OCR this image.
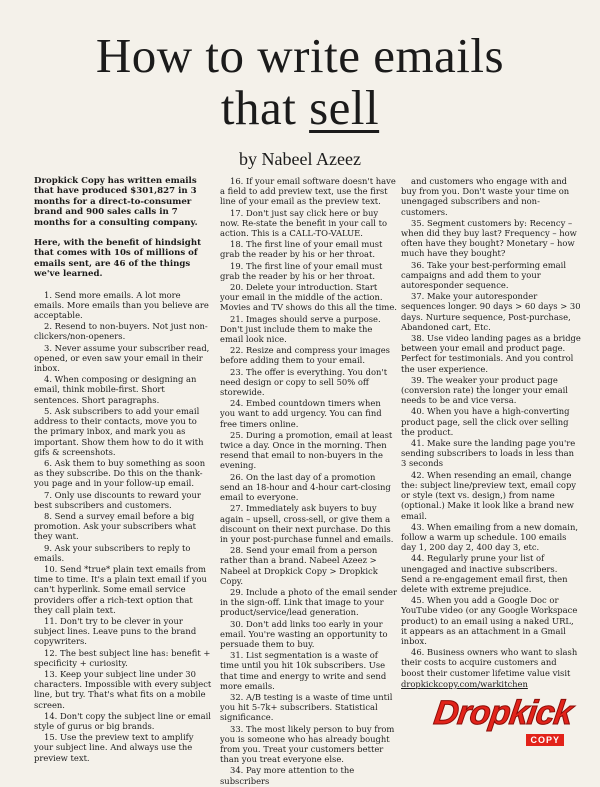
How to write emails
that sell
by Nabeel Azeez

Dropkick Copy has written emails that have produced $301,827 in 3 months for a direct-to-consumer brand and 900 sales calls in 7 months for a consulting company.

Here, with the benefit of hindsight that comes with 10s of millions of emails sent, are 46 of the things we've learned.

1. Send more emails. A lot more emails. More emails than you believe are acceptable.

2. Resend to non-buyers. Not just non-clickers/non-openers.

3. Never assume your subscriber read, opened, or even saw your email in their inbox.

4. When composing or designing an email, think mobile-first. Short sentences. Short paragraphs.

5. Ask subscribers to add your email address to their contacts, move you to the primary inbox, and mark you as important. Show them how to do it with gifs & screenshots.

6. Ask them to buy something as soon as they subscribe. Do this on the thank-you page and in your follow-up email.

7. Only use discounts to reward your best subscribers and customers.

8. Send a survey email before a big promotion. Ask your subscribers what they want.

9. Ask your subscribers to reply to emails.

10. Send *true* plain text emails from time to time. It's a plain text email if you can't hyperlink. Some email service providers offer a rich-text option that they call plain text.

11. Don't try to be clever in your subject lines. Leave puns to the brand copywriters.

12. The best subject line has: benefit + specificity + curiosity.

13. Keep your subject line under 30 characters. Impossible with every subject line, but try. That's what fits on a mobile screen.

14. Don't copy the subject line or email style of gurus or big brands.

15. Use the preview text to amplify your subject line. And always use the preview text.

16. If your email software doesn't have a field to add preview text, use the first line of your email as the preview text.

17. Don't just say click here or buy now. Re-state the benefit in your call to action. This is a CALL-TO-VALUE.

18. The first line of your email must grab the reader by his or her throat.

19. The first line of your email must grab the reader by his or her throat.

20. Delete your introduction. Start your email in the middle of the action. Movies and TV shows do this all the time.

21. Images should serve a purpose. Don't just include them to make the email look nice.

22. Resize and compress your images before adding them to your email.

23. The offer is everything. You don't need design or copy to sell 50% off storewide.

24. Embed countdown timers when you want to add urgency. You can find free timers online.

25. During a promotion, email at least twice a day. Once in the morning. Then resend that email to non-buyers in the evening.

26. On the last day of a promotion send an 18-hour and 4-hour cart-closing email to everyone.

27. Immediately ask buyers to buy again – upsell, cross-sell, or give them a discount on their next purchase. Do this in your post-purchase funnel and emails.

28. Send your email from a person rather than a brand. Nabeel Azeez > Nabeel at Dropkick Copy > Dropkick Copy.

29. Include a photo of the email sender in the sign-off. Link that image to your product/service/lead generation.

30. Don't add links too early in your email. You're wasting an opportunity to persuade them to buy.

31. List segmentation is a waste of time until you hit 10k subscribers. Use that time and energy to write and send more emails.

32. A/B testing is a waste of time until you hit 5-7k+ subscribers. Statistical significance.

33. The most likely person to buy from you is someone who has already bought from you. Treat your customers better than you treat everyone else.

34. Pay more attention to the subscribers

and customers who engage with and buy from you. Don't waste your time on unengaged subscribers and non-customers.

35. Segment customers by: Recency – when did they buy last? Frequency – how often have they bought? Monetary – how much have they bought?

36. Take your best-performing email campaigns and add them to your autoresponder sequence.

37. Make your autoresponder sequences longer. 90 days > 60 days > 30 days. Nurture sequence, Post-purchase, Abandoned cart, Etc.

38. Use video landing pages as a bridge between your email and product page. Perfect for testimonials. And you control the user experience.

39. The weaker your product page (conversion rate) the longer your email needs to be and vice versa.

40. When you have a high-converting product page, sell the click over selling the product.

41. Make sure the landing page you're sending subscribers to loads in less than 3 seconds

42. When resending an email, change the: subject line/preview text, email copy or style (text vs. design,) from name (optional.) Make it look like a brand new email.

43. When emailing from a new domain, follow a warm up schedule. 100 emails day 1, 200 day 2, 400 day 3, etc.

44. Regularly prune your list of unengaged and inactive subscribers. Send a re-engagement email first, then delete with extreme prejudice.

45. When you add a Google Doc or YouTube video (or any Google Workspace product) to an email using a naked URL, it appears as an attachment in a Gmail inbox.

46. Business owners who want to slash their costs to acquire customers and boost their customer lifetime value visit

dropkickcopy.com/warkitchen

Dropkick
COPY
